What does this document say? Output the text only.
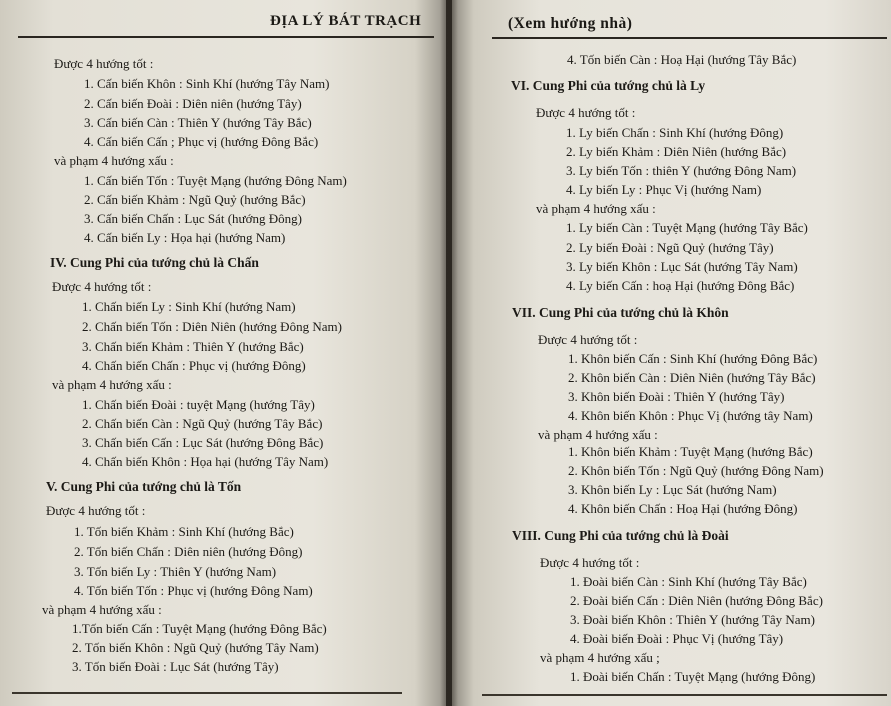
ĐỊA LÝ BÁT TRẠCH
Được 4 hướng tốt :
1. Cấn biến Khôn : Sinh Khí (hướng Tây Nam)
2. Cấn biến Đoài : Diên niên (hướng Tây)
3. Cấn biến Càn : Thiên Y (hướng Tây Bắc)
4. Cấn biến Cấn ; Phục vị (hướng Đông Bắc)
và phạm 4 hướng xấu :
1. Cấn biến Tốn : Tuyệt Mạng (hướng Đông Nam)
2. Cấn biến Khảm : Ngũ Quỷ (hướng Bắc)
3. Cấn biến Chấn : Lục Sát (hướng Đông)
4. Cấn biến Ly : Họa hại (hướng Nam)
IV. Cung Phi của tướng chủ là Chấn
Được 4 hướng tốt :
1. Chấn biến Ly : Sinh Khí (hướng Nam)
2. Chấn biến Tốn : Diên Niên (hướng Đông Nam)
3. Chấn biến Khảm : Thiên Y (hướng Bắc)
4. Chấn biến Chấn : Phục vị (hướng Đông)
và phạm 4 hướng xấu :
1. Chấn biến Đoài : tuyệt Mạng (hướng Tây)
2. Chấn biến Càn : Ngũ Quỷ (hướng Tây Bắc)
3. Chấn biến Cấn : Lục Sát (hướng Đông Bắc)
4. Chấn biến Khôn : Họa hại (hướng Tây Nam)
V. Cung Phi của tướng chủ là Tốn
Được 4 hướng tốt :
1. Tốn biến Khảm : Sinh Khí (hướng Bắc)
2. Tốn biến Chấn : Diên niên (hướng Đông)
3. Tốn biến Ly : Thiên Y (hướng Nam)
4. Tốn biến Tốn : Phục vị (hướng Đông Nam)
và phạm 4 hướng xấu :
1.Tốn biến Cấn : Tuyệt Mạng (hướng Đông Bắc)
2. Tốn biến Khôn : Ngũ Quỷ (hướng Tây Nam)
3. Tốn biến Đoài : Lục Sát (hướng Tây)
(Xem hướng nhà)
4. Tốn biến Càn : Hoạ Hại (hướng Tây Bắc)
VI. Cung Phi của tướng chủ là Ly
Được 4 hướng tốt :
1. Ly biến Chấn : Sinh Khí (hướng Đông)
2. Ly biến Khảm : Diên Niên (hướng Bắc)
3. Ly biến Tốn : thiên Y (hướng Đông Nam)
4. Ly biến Ly : Phục Vị (hướng Nam)
và phạm 4 hướng xấu :
1. Ly biến Càn : Tuyệt Mạng (hướng Tây Bắc)
2. Ly biến Đoài : Ngũ Quỷ (hướng Tây)
3. Ly biến Khôn : Lục Sát (hướng Tây Nam)
4. Ly biến Cấn : hoạ Hại (hướng Đông Bắc)
VII. Cung Phi của tướng chủ là Khôn
Được 4 hướng tốt :
1. Khôn biến Cấn : Sinh Khí (hướng Đông Bắc)
2. Khôn biến Càn : Diên Niên (hướng Tây Bắc)
3. Khôn biến Đoài : Thiên Y (hướng Tây)
4. Khôn biến Khôn : Phục Vị (hướng tây Nam)
và phạm 4 hướng xấu :
1. Khôn biến Khảm : Tuyệt Mạng (hướng Bắc)
2. Khôn biến Tốn : Ngũ Quỷ (hướng Đông Nam)
3. Khôn biến Ly : Lục Sát (hướng Nam)
4. Khôn biến Chấn : Hoạ Hại (hướng Đông)
VIII. Cung Phi của tướng chủ là Đoài
Được 4 hướng tốt :
1. Đoài biến Càn : Sinh Khí (hướng Tây Bắc)
2. Đoài biến Cấn : Diên Niên (hướng Đông Bắc)
3. Đoài biến Khôn : Thiên Y (hướng Tây Nam)
4. Đoài biến Đoài : Phục Vị (hướng Tây)
và phạm 4 hướng xấu ;
1. Đoài biến Chấn : Tuyệt Mạng (hướng Đông)
